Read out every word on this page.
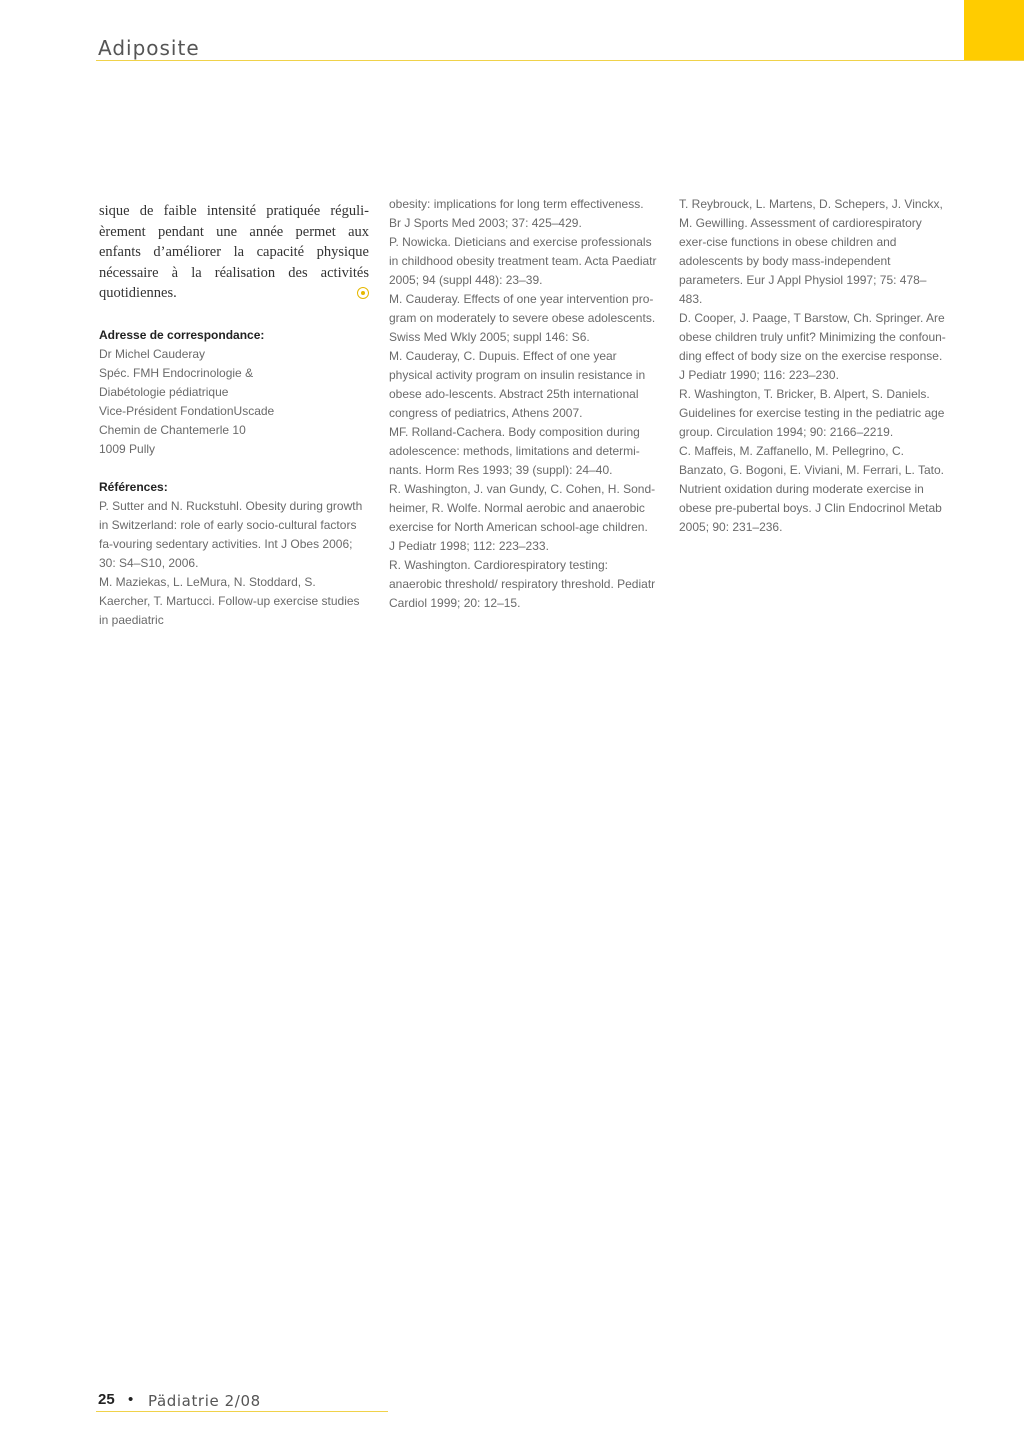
Adiposite

sique de faible intensité pratiquée réguli-èrement pendant une année permet aux enfants d’améliorer la capacité physique nécessaire à la réalisation des activités quotidiennes.

Adresse de correspondance:

Dr Michel Cauderay

Spéc. FMH Endocrinologie &

Diabétologie pédiatrique

Vice-Président FondationUscade

Chemin de Chantemerle 10

1009 Pully

Références:

P. Sutter and N. Ruckstuhl. Obesity during growth in Switzerland: role of early socio-cultural factors fa-vouring sedentary activities. Int J Obes 2006; 30: S4–S10, 2006.

M. Maziekas, L. LeMura, N. Stoddard, S. Kaercher, T. Martucci. Follow-up exercise studies in paediatric

obesity: implications for long term effectiveness. Br J Sports Med 2003; 37: 425–429.

P. Nowicka. Dieticians and exercise professionals in childhood obesity treatment team. Acta Paediatr 2005; 94 (suppl 448): 23–39.

M. Cauderay. Effects of one year intervention pro-gram on moderately to severe obese adolescents. Swiss Med Wkly 2005; suppl 146: S6.

M. Cauderay, C. Dupuis. Effect of one year physical activity program on insulin resistance in obese ado-lescents. Abstract 25th international congress of pediatrics, Athens 2007.

MF. Rolland-Cachera. Body composition during adolescence: methods, limitations and determi-nants. Horm Res 1993; 39 (suppl): 24–40.

R. Washington, J. van Gundy, C. Cohen, H. Sond-heimer, R. Wolfe. Normal aerobic and anaerobic exercise for North American school-age children. J Pediatr 1998; 112: 223–233.

R. Washington. Cardiorespiratory testing: anaerobic threshold/ respiratory threshold. Pediatr Cardiol 1999; 20: 12–15.

T. Reybrouck, L. Martens, D. Schepers, J. Vinckx, M. Gewilling. Assessment of cardiorespiratory exer-cise functions in obese children and adolescents by body mass-independent parameters. Eur J Appl Physiol 1997; 75: 478–483.

D. Cooper, J. Paage, T Barstow, Ch. Springer. Are obese children truly unfit? Minimizing the confoun-ding effect of body size on the exercise response. J Pediatr 1990; 116: 223–230.

R. Washington, T. Bricker, B. Alpert, S. Daniels. Guidelines for exercise testing in the pediatric age group. Circulation 1994; 90: 2166–2219.

C. Maffeis, M. Zaffanello, M. Pellegrino, C. Banzato, G. Bogoni, E. Viviani, M. Ferrari, L. Tato. Nutrient oxidation during moderate exercise in obese pre-pubertal boys. J Clin Endocrinol Metab 2005; 90: 231–236.

25 • Pädiatrie 2/08
